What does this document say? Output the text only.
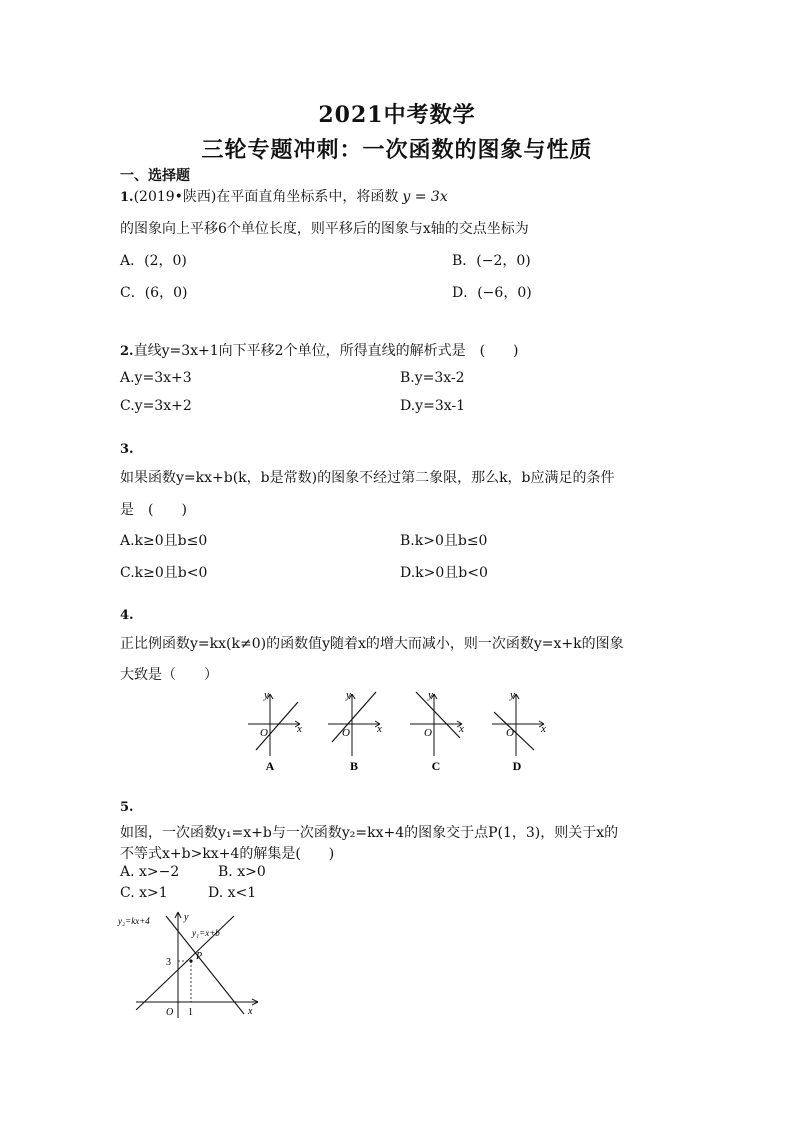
2021中考数学
三轮专题冲刺：一次函数的图象与性质
一、选择题
1.(2019•陕西)在平面直角坐标系中，将函数 y = 3x
的图象向上平移6个单位长度，则平移后的图象与x轴的交点坐标为
A．(2，0)	B．(−2，0)
C．(6，0)	D．(−6，0)
2.直线y=3x+1向下平移2个单位，所得直线的解析式是　(　　)
A.y=3x+3	B.y=3x-2
C.y=3x+2	D.y=3x-1
3.
如果函数y=kx+b(k，b是常数)的图象不经过第二象限，那么k，b应满足的条件
是　(　　)
A.k≥0且b≤0	B.k>0且b≤0
C.k≥0且b<0	D.k>0且b<0
4.
正比例函数y=kx(k≠0)的函数值y随着x的增大而减小，则一次函数y=x+k的图象
大致是（　　）
y
x
O
A
y
x
O
B
y
x
O
C
y
x
O
D
5.
如图，一次函数y₁=x+b与一次函数y₂=kx+4的图象交于点P(1，3)，则关于x的
不等式x+b>kx+4的解集是(　　)
A. x>−2	B. x>0
C. x>1	D. x<1
y₂=kx+4
y₁=x+b
y
x
O
3
1
P
